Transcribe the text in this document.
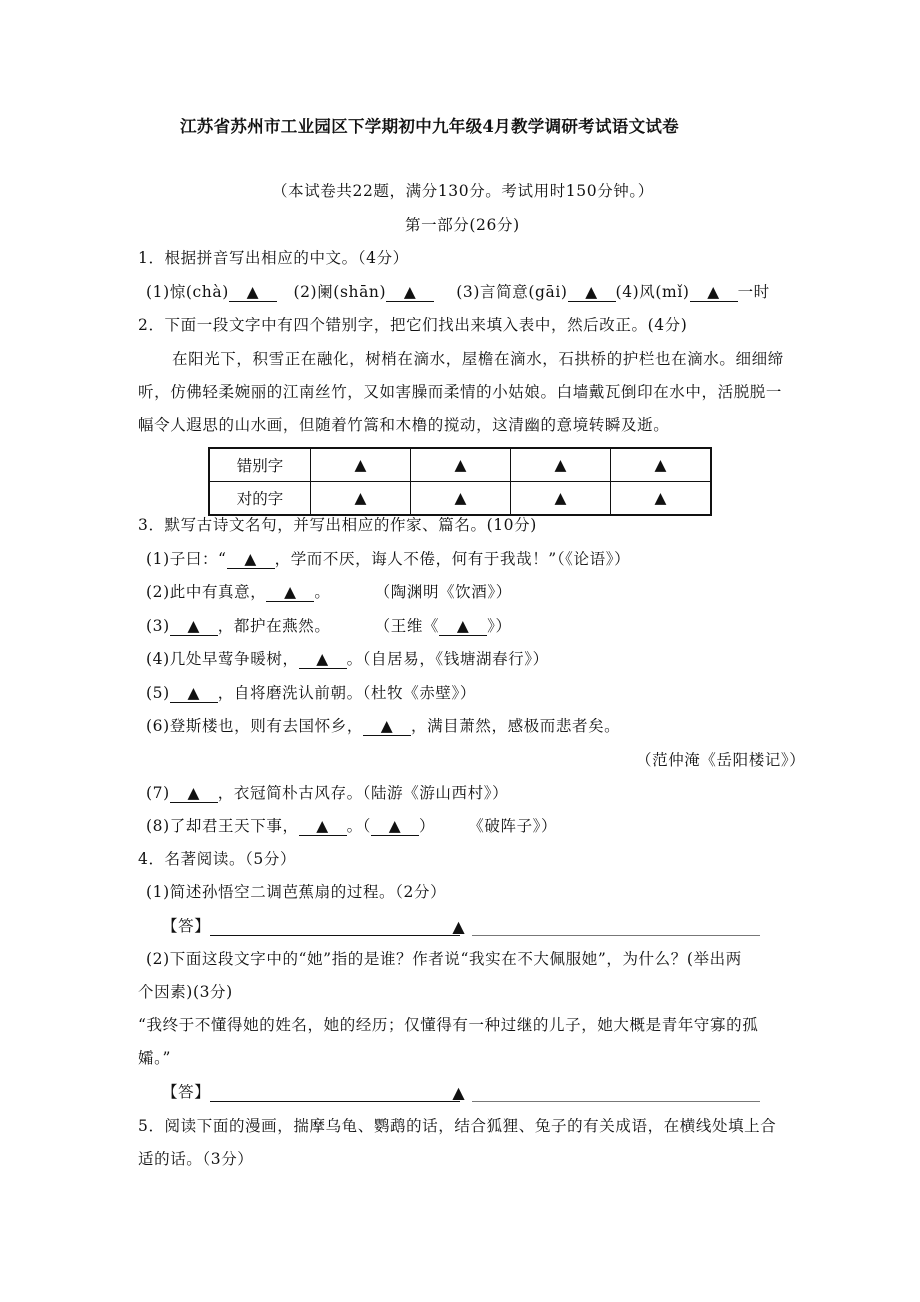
江苏省苏州市工业园区下学期初中九年级4月教学调研考试语文试卷
（本试卷共22题，满分130分。考试用时150分钟。）
第一部分(26分)
1．根据拼音写出相应的中文。（4分）
(1)惊(chà) ▲   (2)阑(shān) ▲    (3)言简意(gāi) ▲ (4)风(mǐ) ▲ 一时
2．下面一段文字中有四个错别字，把它们找出来填入表中，然后改正。(4分)
在阳光下，积雪正在融化，树梢在滴水，屋檐在滴水，石拱桥的护栏也在滴水。细细缔
听，仿佛轻柔婉丽的江南丝竹，又如害臊而柔情的小姑娘。白墙戴瓦倒印在水中，活脱脱一
幅令人遐思的山水画，但随着竹篙和木橹的搅动，这清幽的意境转瞬及逝。
3．默写古诗文名句，并写出相应的作家、篇名。(10分)
(1)子曰：“ ▲ ，学而不厌，诲人不倦，何有于我哉！”（《论语》）
(2)此中有真意， ▲ 。        （陶渊明《饮酒》）
(3) ▲ ，都护在燕然。        （王维《 ▲ 》）
(4)几处早莺争暖树， ▲ 。（自居易，《钱塘湖春行》）
(5) ▲ ，自将磨洗认前朝。（杜牧《赤壁》）
(6)登斯楼也，则有去国怀乡， ▲ ，满目萧然，感极而悲者矣。
（范仲淹《岳阳楼记》）
(7) ▲ ，衣冠简朴古风存。（陆游《游山西村》）
(8)了却君王天下事， ▲ 。（ ▲ ）      《破阵子》）
4．名著阅读。（5分）
(1)简述孙悟空二调芭蕉扇的过程。（2分）
【答】	▲
(2)下面这段文字中的“她”指的是谁？作者说“我实在不大佩服她”，为什么？(举出两
个因素)(3分)
“我终于不懂得她的姓名，她的经历；仅懂得有一种过继的儿子，她大概是青年守寡的孤
孀。”
【答】	▲
5．阅读下面的漫画，揣摩乌龟、鹦鹉的话，结合狐狸、兔子的有关成语，在横线处填上合
适的话。（3分）
错别字	▲	▲	▲	▲
对的字	▲	▲	▲	▲
